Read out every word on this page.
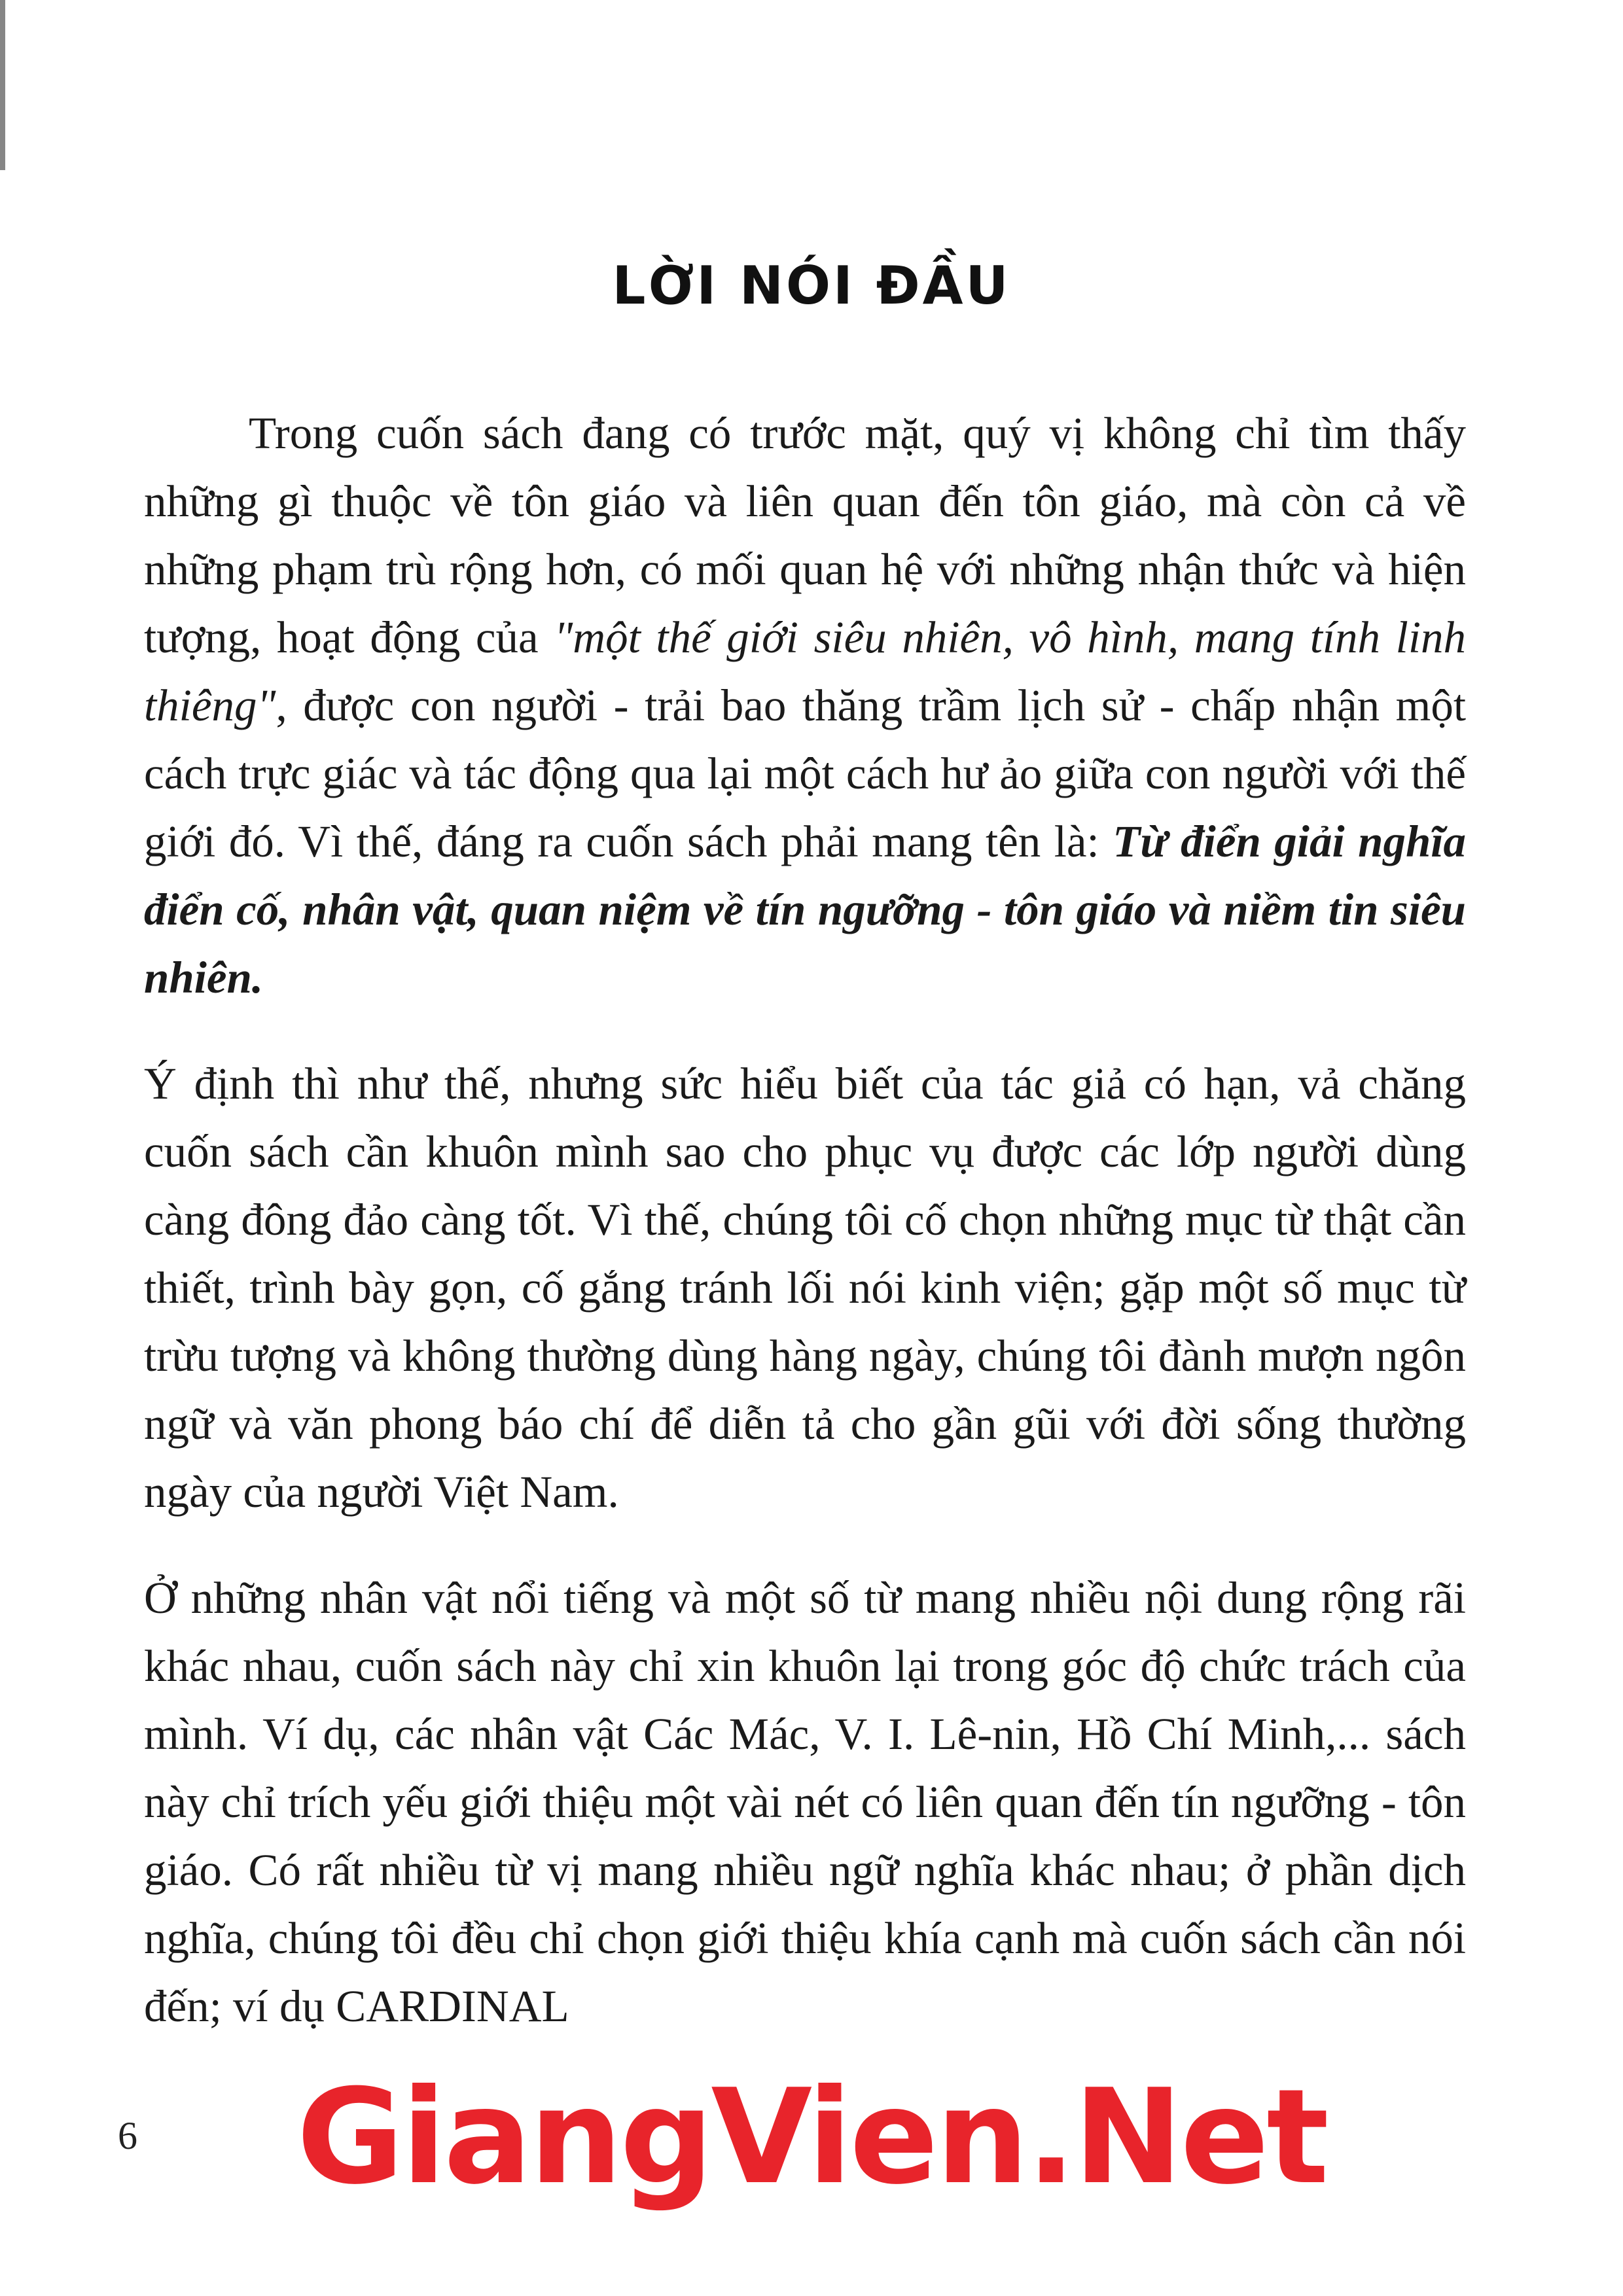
LỜI NÓI ĐẦU

Trong cuốn sách đang có trước mặt, quý vị không chỉ tìm thấy những gì thuộc về tôn giáo và liên quan đến tôn giáo, mà còn cả về những phạm trù rộng hơn, có mối quan hệ với những nhận thức và hiện tượng, hoạt động của "một thế giới siêu nhiên, vô hình, mang tính linh thiêng", được con người - trải bao thăng trầm lịch sử - chấp nhận một cách trực giác và tác động qua lại một cách hư ảo giữa con người với thế giới đó. Vì thế, đáng ra cuốn sách phải mang tên là: Từ điển giải nghĩa điển cố, nhân vật, quan niệm về tín ngưỡng - tôn giáo và niềm tin siêu nhiên.

Ý định thì như thế, nhưng sức hiểu biết của tác giả có hạn, vả chăng cuốn sách cần khuôn mình sao cho phục vụ được các lớp người dùng càng đông đảo càng tốt. Vì thế, chúng tôi cố chọn những mục từ thật cần thiết, trình bày gọn, cố gắng tránh lối nói kinh viện; gặp một số mục từ trừu tượng và không thường dùng hàng ngày, chúng tôi đành mượn ngôn ngữ và văn phong báo chí để diễn tả cho gần gũi với đời sống thường ngày của người Việt Nam.

Ở những nhân vật nổi tiếng và một số từ mang nhiều nội dung rộng rãi khác nhau, cuốn sách này chỉ xin khuôn lại trong góc độ chức trách của mình. Ví dụ, các nhân vật Các Mác, V. I. Lê-nin, Hồ Chí Minh,... sách này chỉ trích yếu giới thiệu một vài nét có liên quan đến tín ngưỡng - tôn giáo. Có rất nhiều từ vị mang nhiều ngữ nghĩa khác nhau; ở phần dịch nghĩa, chúng tôi đều chỉ chọn giới thiệu khía cạnh mà cuốn sách cần nói đến; ví dụ CARDINAL

6	GiangVien.Net
